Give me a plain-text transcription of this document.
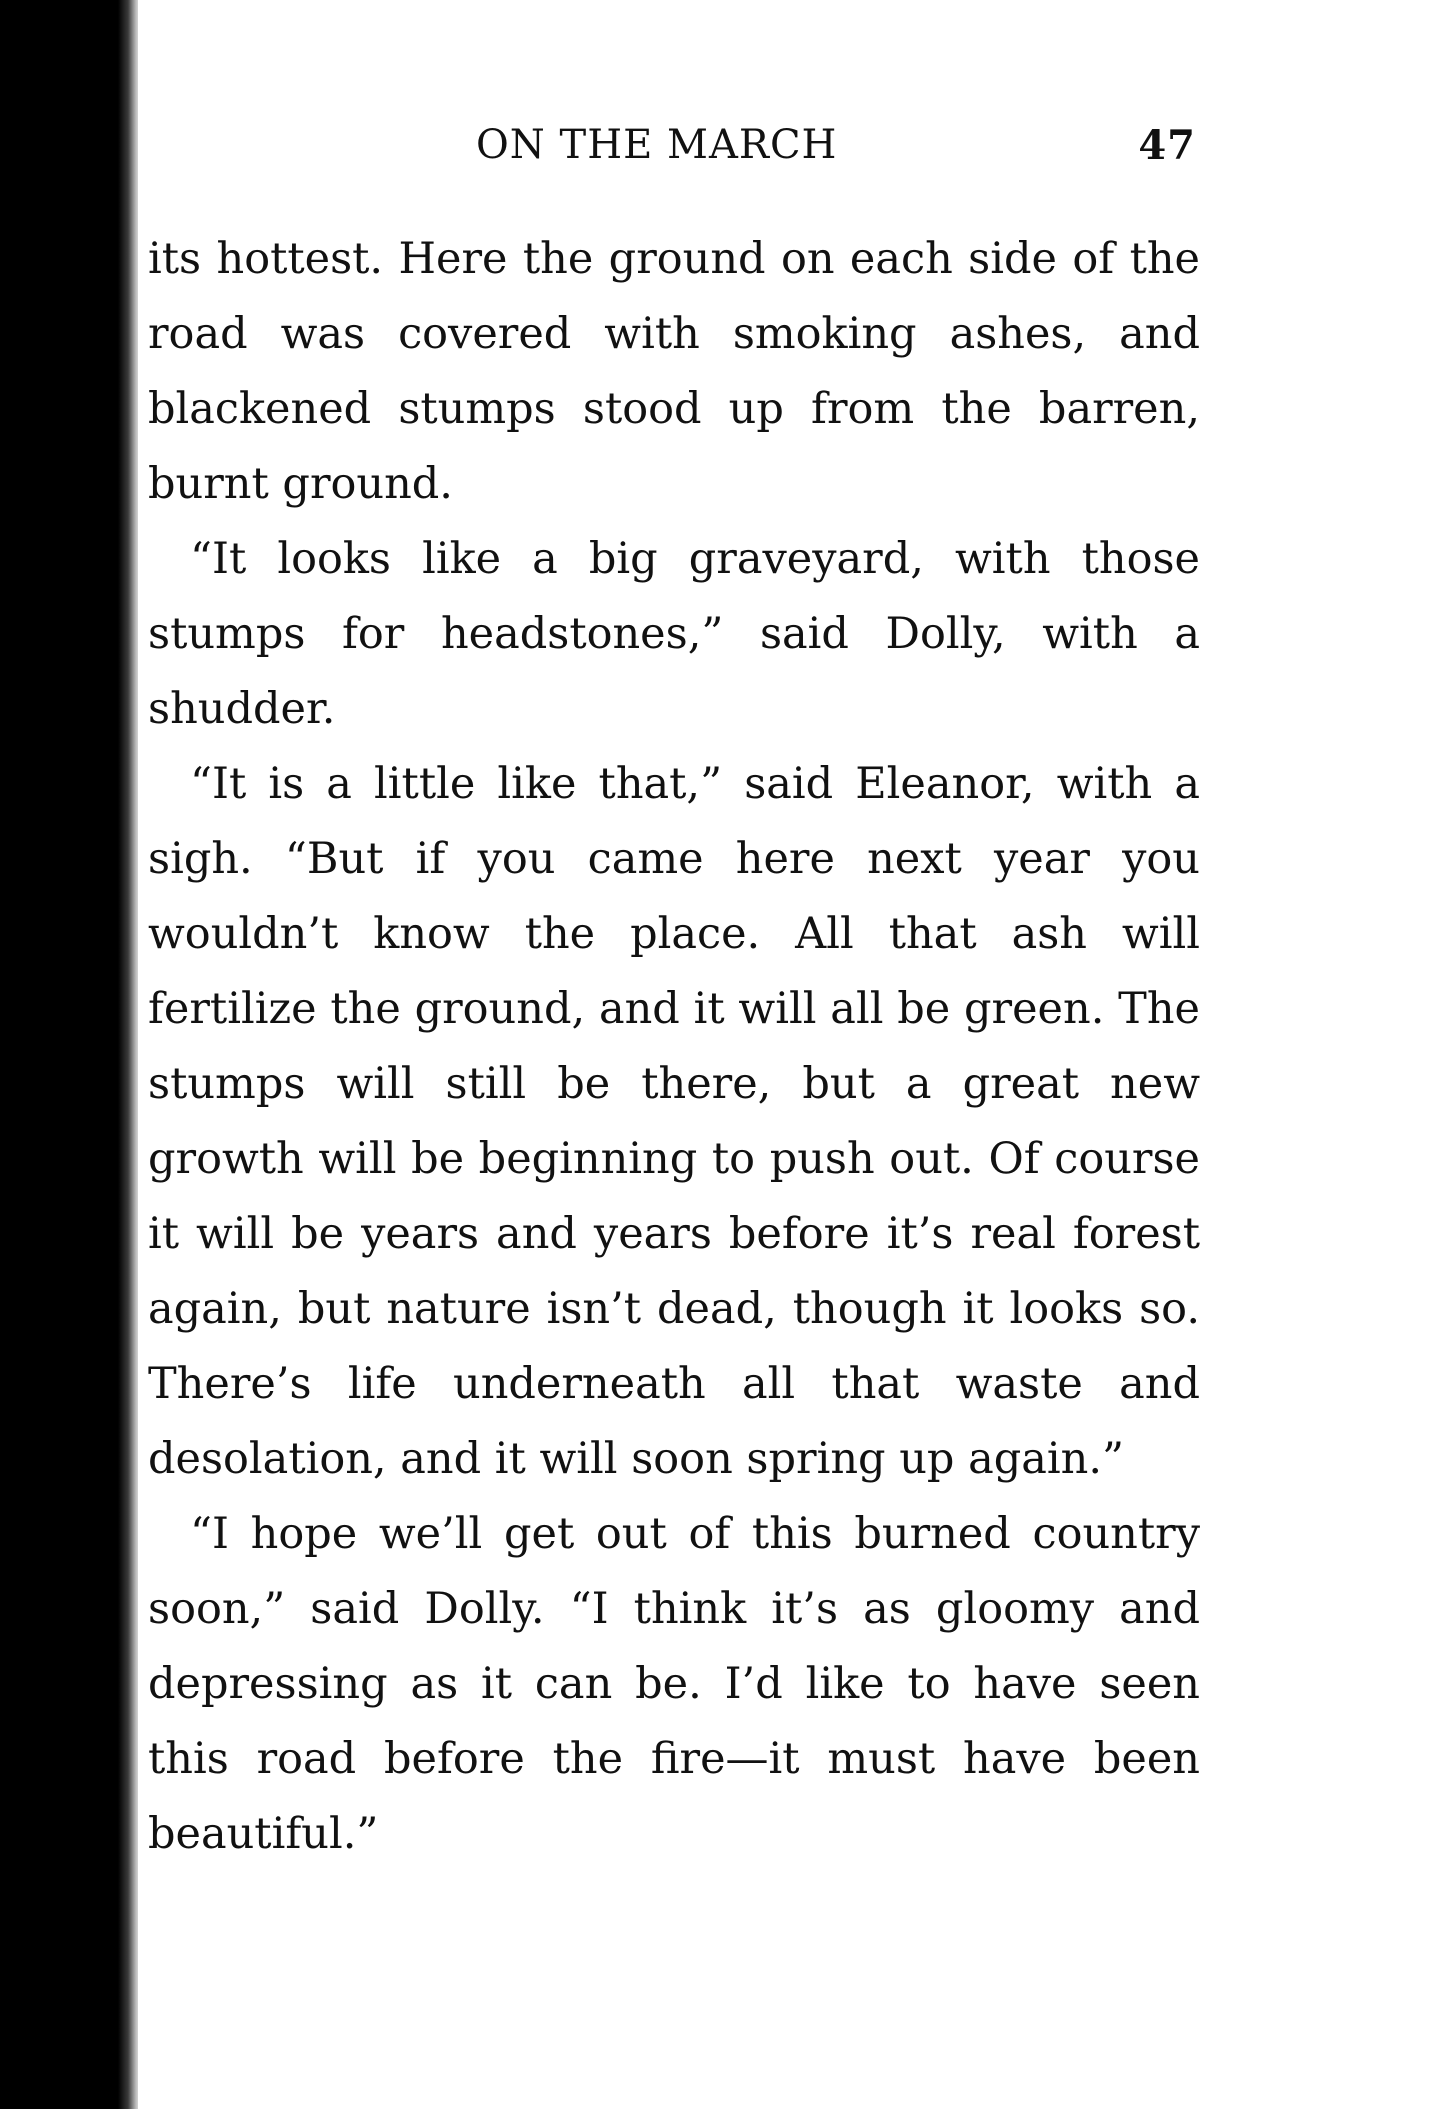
ON THE MARCH	47

its hottest. Here the ground on each side of the road was covered with smoking ashes, and blackened stumps stood up from the barren, burnt ground.

“It looks like a big graveyard, with those stumps for headstones,” said Dolly, with a shudder.

“It is a little like that,” said Eleanor, with a sigh. “But if you came here next year you wouldn’t know the place. All that ash will fertilize the ground, and it will all be green. The stumps will still be there, but a great new growth will be beginning to push out. Of course it will be years and years before it’s real forest again, but nature isn’t dead, though it looks so. There’s life underneath all that waste and desolation, and it will soon spring up again.”

“I hope we’ll get out of this burned country soon,” said Dolly. “I think it’s as gloomy and depressing as it can be. I’d like to have seen this road before the fire—it must have been beautiful.”
